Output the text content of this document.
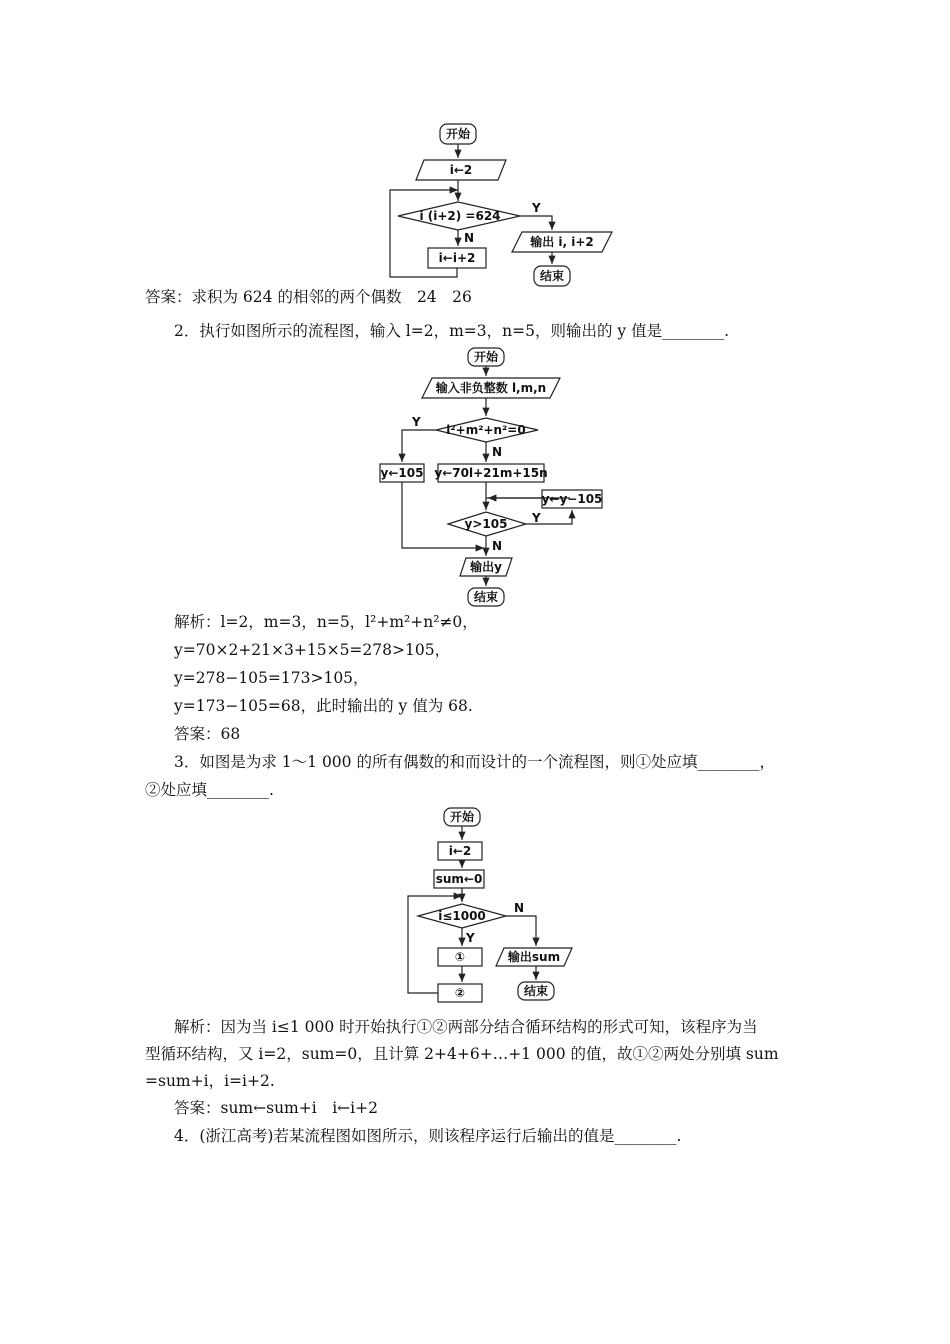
开始
i←2
i (i+2) =624
Y
N	输出 i, i+2
结束
i←i+2
答案：求积为 624 的相邻的两个偶数　24　26
2．执行如图所示的流程图，输入 l=2，m=3，n=5，则输出的 y 值是________.
开始
输入非负整数 l,m,n
l²+m²+n²=0
Y
N
y←105 y←70l+21m+15n
y←y−105
y>105 Y
N
输出y
结束
解析：l=2，m=3，n=5，l²+m²+n²≠0，
y=70×2+21×3+15×5=278>105，
y=278−105=173>105，
y=173−105=68，此时输出的 y 值为 68.
答案：68
3．如图是为求 1～1 000 的所有偶数的和而设计的一个流程图，则①处应填________，
②处应填________.
开始
i←2
sum←0
i≤1000
N
Y
①
②
输出sum
结束
解析：因为当 i≤1 000 时开始执行①②两部分结合循环结构的形式可知，该程序为当
型循环结构，又 i=2，sum=0，且计算 2+4+6+…+1 000 的值，故①②两处分别填 sum
=sum+i，i=i+2.
答案：sum←sum+i　i←i+2
4．(浙江高考)若某流程图如图所示，则该程序运行后输出的值是________.
